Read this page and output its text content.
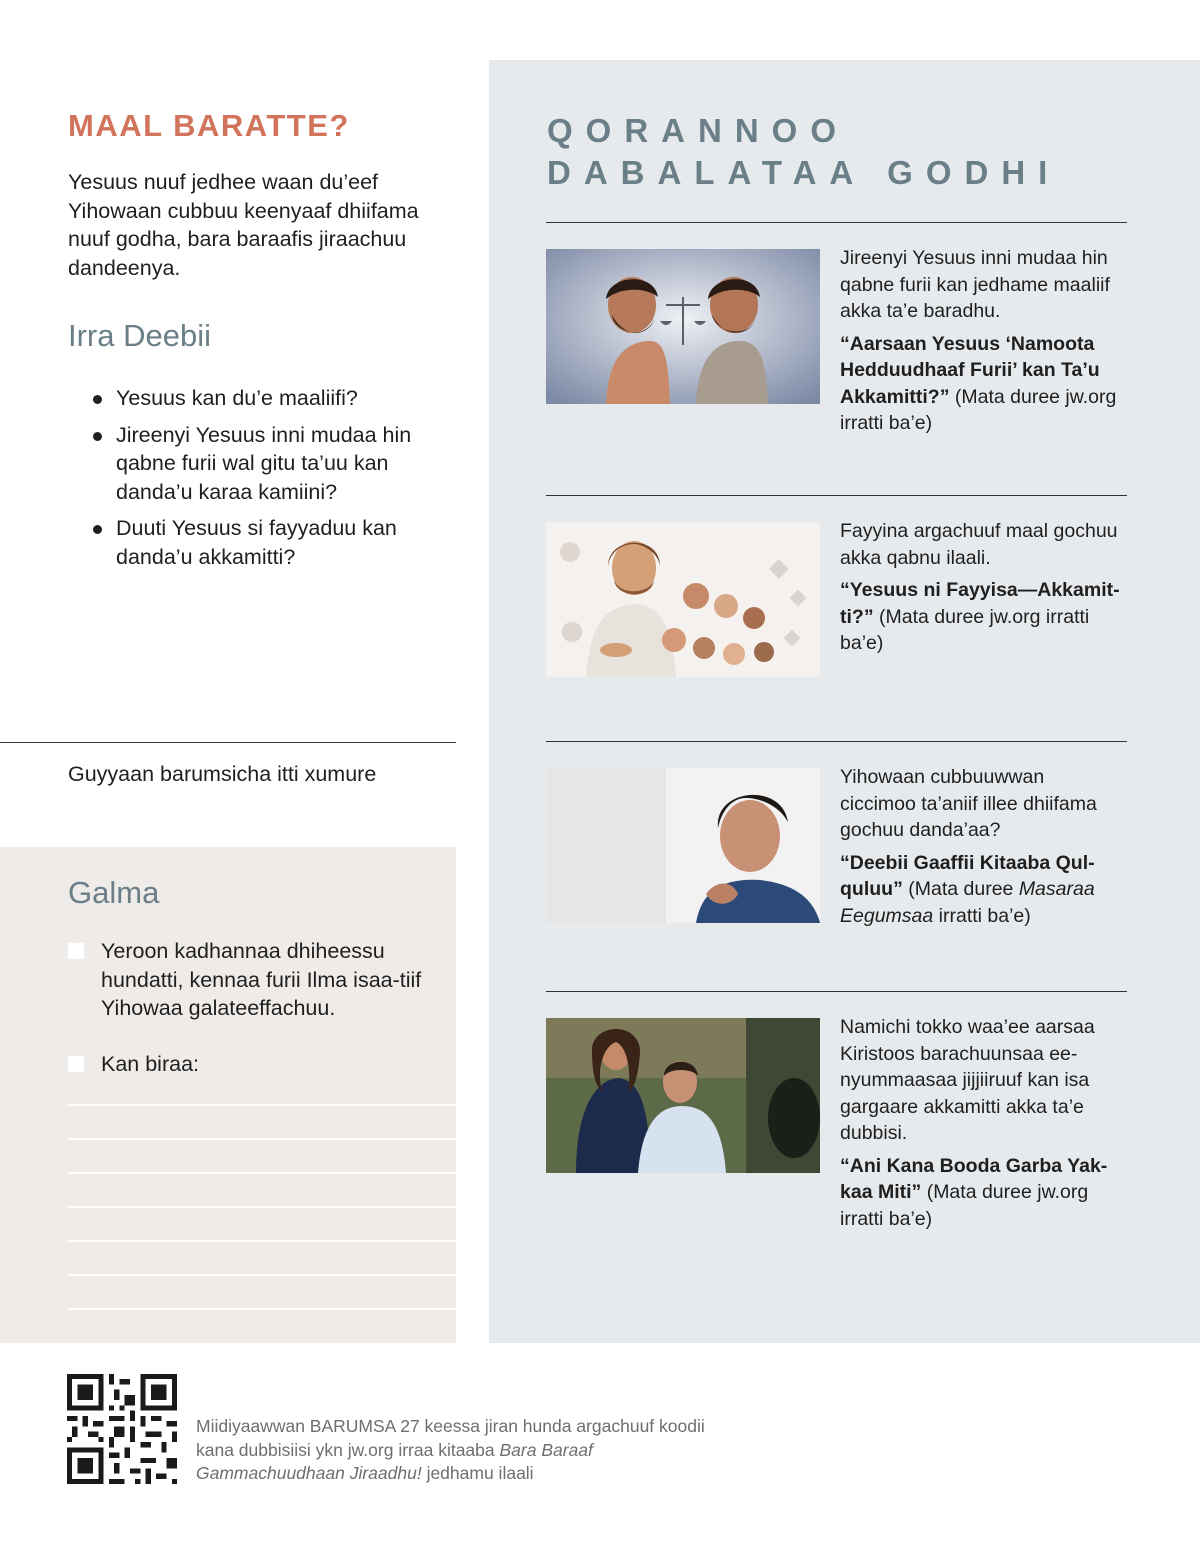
MAAL BARATTE?

Yesuus nuuf jedhee waan du’eef Yihowaan cubbuu keenyaaf dhiifama nuuf godha, bara baraafis jiraachuu dandeenya.

Irra Deebii
Yesuus kan du’e maaliifi?
Jireenyi Yesuus inni mudaa hin qabne furii wal gitu ta’uu kan danda’u karaa kamiini?
Duuti Yesuus si fayyaduu kan danda’u akkamitti?

Guyyaan barumsicha itti xumure

Galma
Yeroon kadhannaa dhiheessu hundatti, kennaa furii Ilma isaa-tiif Yihowaa galateeffachuu.
Kan biraa:
QORANNOO
DABALATAA GODHI

Jireenyi Yesuus inni mudaa hin qabne furii kan jedhame maaliif akka ta’e baradhu.

“Aarsaan Yesuus ‘Namoota Hedduudhaaf Furii’ kan Ta’u Akkamitti?” (Mata duree jw.org irratti ba’e)

Fayyina argachuuf maal gochuu akka qabnu ilaali.

“Yesuus ni Fayyisa—Akkamit-ti?” (Mata duree jw.org irratti ba’e)

Yihowaan cubbuuwwan ciccimoo ta’aniif illee dhiifama gochuu danda’aa?

“Deebii Gaaffii Kitaaba Qul-quluu” (Mata duree Masaraa Eegumsaa irratti ba’e)

Namichi tokko waa’ee aarsaa Kiristoos barachuunsaa ee-nyummaasaa jijjiiruuf kan isa gargaare akkamitti akka ta’e dubbisi.

“Ani Kana Booda Garba Yak-kaa Miti” (Mata duree jw.org irratti ba’e)

Miidiyaawwan BARUMSA 27 keessa jiran hunda argachuuf koodii kana dubbisiisi ykn jw.org irraa kitaaba Bara Baraaf Gammachuudhaan Jiraadhu! jedhamu ilaali
